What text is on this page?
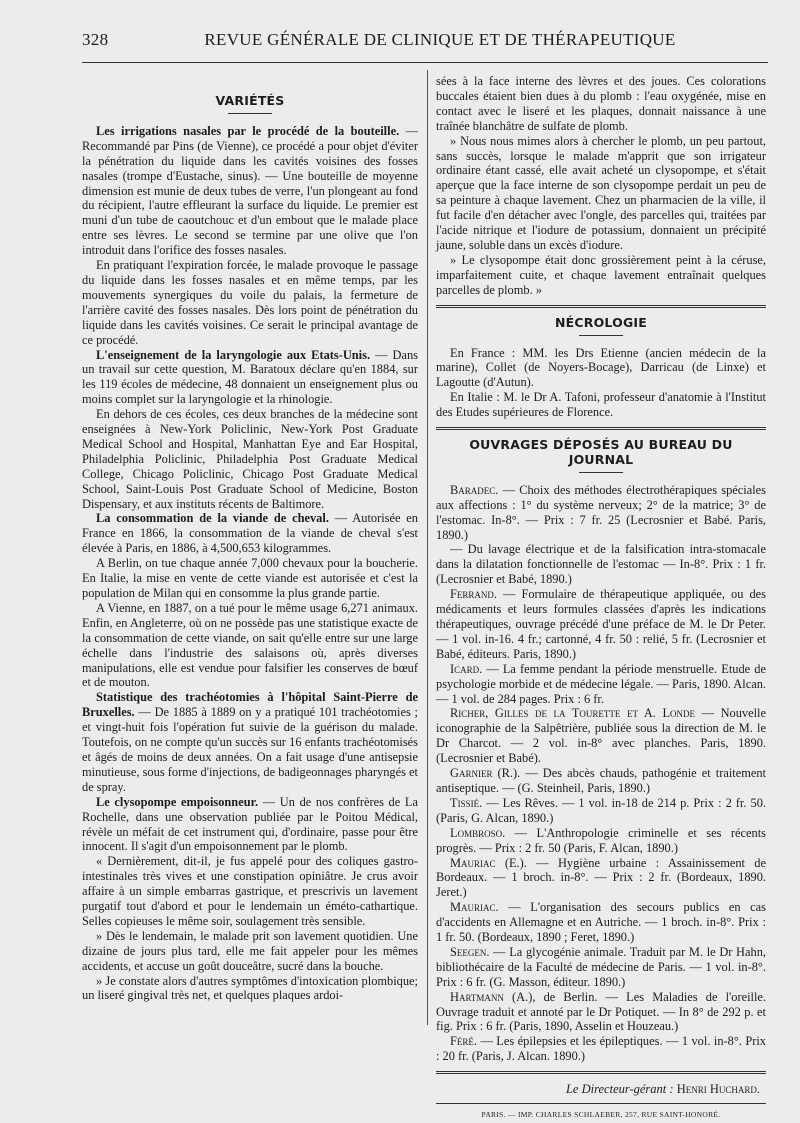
328	REVUE GÉNÉRALE DE CLINIQUE ET DE THÉRAPEUTIQUE
VARIÉTÉS

Les irrigations nasales par le procédé de la bouteille. — Recommandé par Pins (de Vienne), ce procédé a pour objet d'éviter la pénétration du liquide dans les cavités voisines des fosses nasales (trompe d'Eustache, sinus). — Une bouteille de moyenne dimension est munie de deux tubes de verre, l'un plongeant au fond du récipient, l'autre effleurant la surface du liquide. Le premier est muni d'un tube de caoutchouc et d'un embout que le malade place entre ses lèvres. Le second se termine par une olive que l'on introduit dans l'orifice des fosses nasales.

En pratiquant l'expiration forcée, le malade provoque le passage du liquide dans les fosses nasales et en même temps, par les mouvements synergiques du voile du palais, la fermeture de l'arrière cavité des fosses nasales. Dès lors point de pénétration du liquide dans les cavités voisines. Ce serait le principal avantage de ce procédé.

L'enseignement de la laryngologie aux Etats-Unis. — Dans un travail sur cette question, M. Baratoux déclare qu'en 1884, sur les 119 écoles de médecine, 48 donnaient un enseignement plus ou moins complet sur la laryngologie et la rhinologie.

En dehors de ces écoles, ces deux branches de la médecine sont enseignées à New-York Policlinic, New-York Post Graduate Medical School and Hospital, Manhattan Eye and Ear Hospital, Philadelphia Policlinic, Philadelphia Post Graduate Medical College, Chicago Policlinic, Chicago Post Graduate Medical School, Saint-Louis Post Graduate School of Medicine, Boston Dispensary, et aux instituts récents de Baltimore.

La consommation de la viande de cheval. — Autorisée en France en 1866, la consommation de la viande de cheval s'est élevée à Paris, en 1886, à 4,500,653 kilogrammes.

A Berlin, on tue chaque année 7,000 chevaux pour la boucherie. En Italie, la mise en vente de cette viande est autorisée et c'est la population de Milan qui en consomme la plus grande partie.

A Vienne, en 1887, on a tué pour le même usage 6,271 animaux. Enfin, en Angleterre, où on ne possède pas une statistique exacte de la consommation de cette viande, on sait qu'elle entre sur une large échelle dans l'industrie des salaisons où, après diverses manipulations, elle est vendue pour falsifier les conserves de bœuf et de mouton.

Statistique des trachéotomies à l'hôpital Saint-Pierre de Bruxelles. — De 1885 à 1889 on y a pratiqué 101 trachéotomies ; et vingt-huit fois l'opération fut suivie de la guérison du malade. Toutefois, on ne compte qu'un succès sur 16 enfants trachéotomisés et âgés de moins de deux années. On a fait usage d'une antisepsie minutieuse, sous forme d'injections, de badigeonnages pharyngés et de spray.

Le clysopompe empoisonneur. — Un de nos confrères de La Rochelle, dans une observation publiée par le Poitou Médical, révèle un méfait de cet instrument qui, d'ordinaire, passe pour être innocent. Il s'agit d'un empoisonnement par le plomb.

« Dernièrement, dit-il, je fus appelé pour des coliques gastro-intestinales très vives et une constipation opiniâtre. Je crus avoir affaire à un simple embarras gastrique, et prescrivis un lavement purgatif tout d'abord et pour le lendemain un éméto-cathartique. Selles copieuses le même soir, soulagement très sensible.

» Dès le lendemain, le malade prit son lavement quotidien. Une dizaine de jours plus tard, elle me fait appeler pour les mêmes accidents, et accuse un goût douceâtre, sucré dans la bouche.

» Je constate alors d'autres symptômes d'intoxication plombique; un liseré gingival très net, et quelques plaques ardoi-

sées à la face interne des lèvres et des joues. Ces colorations buccales étaient bien dues à du plomb : l'eau oxygénée, mise en contact avec le liseré et les plaques, donnait naissance à une traînée blanchâtre de sulfate de plomb.

» Nous nous mimes alors à chercher le plomb, un peu partout, sans succès, lorsque le malade m'apprit que son irrigateur ordinaire étant cassé, elle avait acheté un clysopompe, et s'était aperçue que la face interne de son clysopompe perdait un peu de sa peinture à chaque lavement. Chez un pharmacien de la ville, il fut facile d'en détacher avec l'ongle, des parcelles qui, traitées par l'acide nitrique et l'iodure de potassium, donnaient un précipité jaune, soluble dans un excès d'iodure.

» Le clysopompe était donc grossièrement peint à la céruse, imparfaitement cuite, et chaque lavement entraînait quelques parcelles de plomb. »

NÉCROLOGIE

En France : MM. les Drs Etienne (ancien médecin de la marine), Collet (de Noyers-Bocage), Darricau (de Linxe) et Lagoutte (d'Autun).

En Italie : M. le Dr A. Tafoni, professeur d'anatomie à l'Institut des Etudes supérieures de Florence.

OUVRAGES DÉPOSÉS AU BUREAU DU JOURNAL

Baradec. — Choix des méthodes électrothérapiques spéciales aux affections : 1° du système nerveux; 2° de la matrice; 3° de l'estomac. In-8°. — Prix : 7 fr. 25 (Lecrosnier et Babé. Paris, 1890.)

— Du lavage électrique et de la falsification intra-stomacale dans la dilatation fonctionnelle de l'estomac — In-8°. Prix : 1 fr. (Lecrosnier et Babé, 1890.)

Ferrand. — Formulaire de thérapeutique appliquée, ou des médicaments et leurs formules classées d'après les indications thérapeutiques, ouvrage précédé d'une préface de M. le Dr Peter. — 1 vol. in-16. 4 fr.; cartonné, 4 fr. 50 : relié, 5 fr. (Lecrosnier et Babé, éditeurs. Paris, 1890.)

Icard. — La femme pendant la période menstruelle. Etude de psychologie morbide et de médecine légale. — Paris, 1890. Alcan. — 1 vol. de 284 pages. Prix : 6 fr.

Richer, Gilles de la Tourette et A. Londe — Nouvelle iconographie de la Salpêtrière, publiée sous la direction de M. le Dr Charcot. — 2 vol. in-8° avec planches. Paris, 1890. (Lecrosnier et Babé).

Garnier (R.). — Des abcès chauds, pathogénie et traitement antiseptique. — (G. Steinheil, Paris, 1890.)

Tissié. — Les Rêves. — 1 vol. in-18 de 214 p. Prix : 2 fr. 50. (Paris, G. Alcan, 1890.)

Lombroso. — L'Anthropologie criminelle et ses récents progrès. — Prix : 2 fr. 50 (Paris, F. Alcan, 1890.)

Mauriac (E.). — Hygiène urbaine : Assainissement de Bordeaux. — 1 broch. in-8°. — Prix : 2 fr. (Bordeaux, 1890. Jeret.)

Mauriac. — L'organisation des secours publics en cas d'accidents en Allemagne et en Autriche. — 1 broch. in-8°. Prix : 1 fr. 50. (Bordeaux, 1890 ; Feret, 1890.)

Seegen. — La glycogénie animale. Traduit par M. le Dr Hahn, bibliothécaire de la Faculté de médecine de Paris. — 1 vol. in-8°. Prix : 6 fr. (G. Masson, éditeur. 1890.)

Hartmann (A.), de Berlin. — Les Maladies de l'oreille. Ouvrage traduit et annoté par le Dr Potiquet. — In 8° de 292 p. et fig. Prix : 6 fr. (Paris, 1890, Asselin et Houzeau.)

Féré. — Les épilepsies et les épileptiques. — 1 vol. in-8°. Prix : 20 fr. (Paris, J. Alcan. 1890.)

Le Directeur-gérant : Henri Huchard.
PARIS. — IMP. CHARLES SCHLAEBER, 257, RUE SAINT-HONORÉ.
